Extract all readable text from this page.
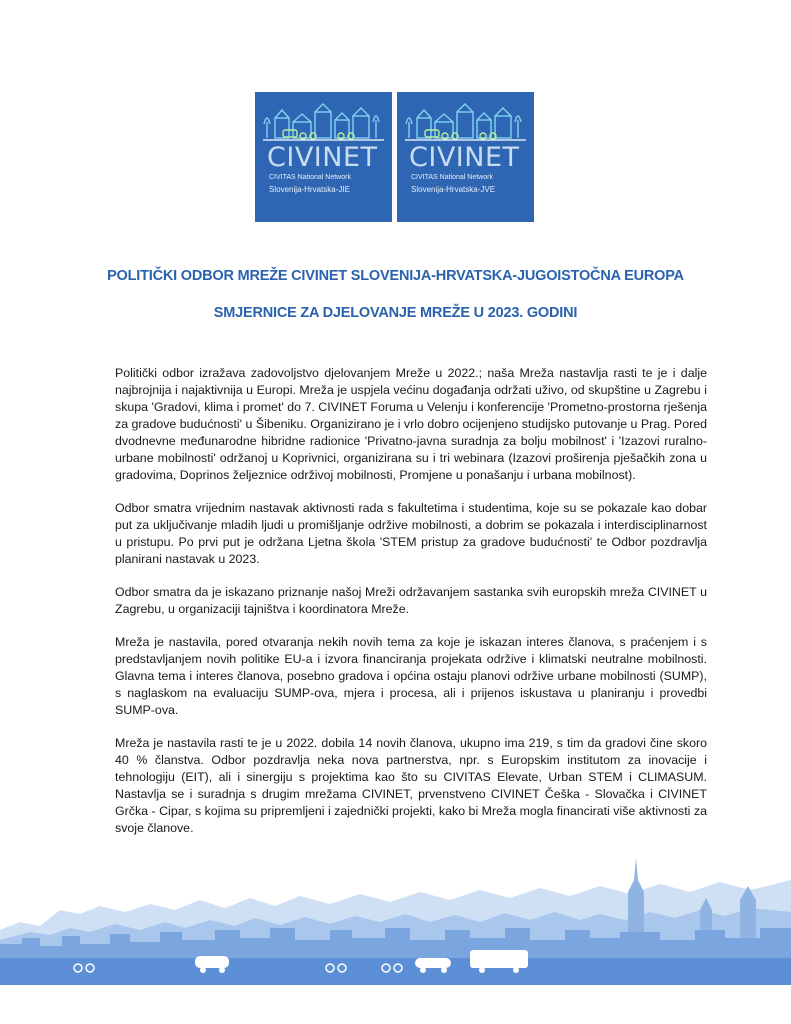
CIVINET
CIVITAS National Network
Slovenija-Hrvatska-JIE
CIVINET
CIVITAS National Network
Slovenija-Hrvatska-JVE
POLITIČKI ODBOR MREŽE CIVINET SLOVENIJA-HRVATSKA-JUGOISTOČNA EUROPA
SMJERNICE ZA DJELOVANJE MREŽE U 2023. GODINI

Politički odbor izražava zadovoljstvo djelovanjem Mreže u 2022.; naša Mreža nastavlja rasti te je i dalje najbrojnija i najaktivnija u Europi. Mreža je uspjela većinu događanja održati uživo, od skupštine u Zagrebu i skupa 'Gradovi, klima i promet' do 7. CIVINET Foruma u Velenju i konferencije 'Prometno-prostorna rješenja za gradove budućnosti' u Šibeniku. Organizirano je i vrlo dobro ocijenjeno studijsko putovanje u Prag. Pored dvodnevne međunarodne hibridne radionice 'Privatno-javna suradnja za bolju mobilnost' i 'Izazovi ruralno-urbane mobilnosti' održanoj u Koprivnici, organizirana su i tri webinara (Izazovi proširenja pješačkih zona u gradovima, Doprinos željeznice održivoj mobilnosti, Promjene u ponašanju i urbana mobilnost).

Odbor smatra vrijednim nastavak aktivnosti rada s fakultetima i studentima, koje su se pokazale kao dobar put za uključivanje mladih ljudi u promišljanje održive mobilnosti, a dobrim se pokazala i interdisciplinarnost u pristupu. Po prvi put je održana Ljetna škola 'STEM pristup za gradove budućnosti' te Odbor pozdravlja planirani nastavak u 2023.

Odbor smatra da je iskazano priznanje našoj Mreži održavanjem sastanka svih europskih mreža CIVINET u Zagrebu, u organizaciji tajništva i koordinatora Mreže.

Mreža je nastavila, pored otvaranja nekih novih tema za koje je iskazan interes članova, s praćenjem i s predstavljanjem novih politike EU-a i izvora financiranja projekata održive i klimatski neutralne mobilnosti. Glavna tema i interes članova, posebno gradova i općina ostaju planovi održive urbane mobilnosti (SUMP), s naglaskom na evaluaciju SUMP-ova, mjera i procesa, ali i prijenos iskustava u planiranju i provedbi SUMP-ova.

Mreža je nastavila rasti te je u 2022. dobila 14 novih članova, ukupno ima 219, s tim da gradovi čine skoro 40 % članstva. Odbor pozdravlja neka nova partnerstva, npr. s Europskim institutom za inovacije i tehnologiju (EIT), ali i sinergiju s projektima kao što su CIVITAS Elevate, Urban STEM i CLIMASUM. Nastavlja se i suradnja s drugim mrežama CIVINET, prvenstveno CIVINET Češka - Slovačka i CIVINET Grčka - Cipar, s kojima su pripremljeni i zajednički projekti, kako bi Mreža mogla financirati više aktivnosti za svoje članove.
